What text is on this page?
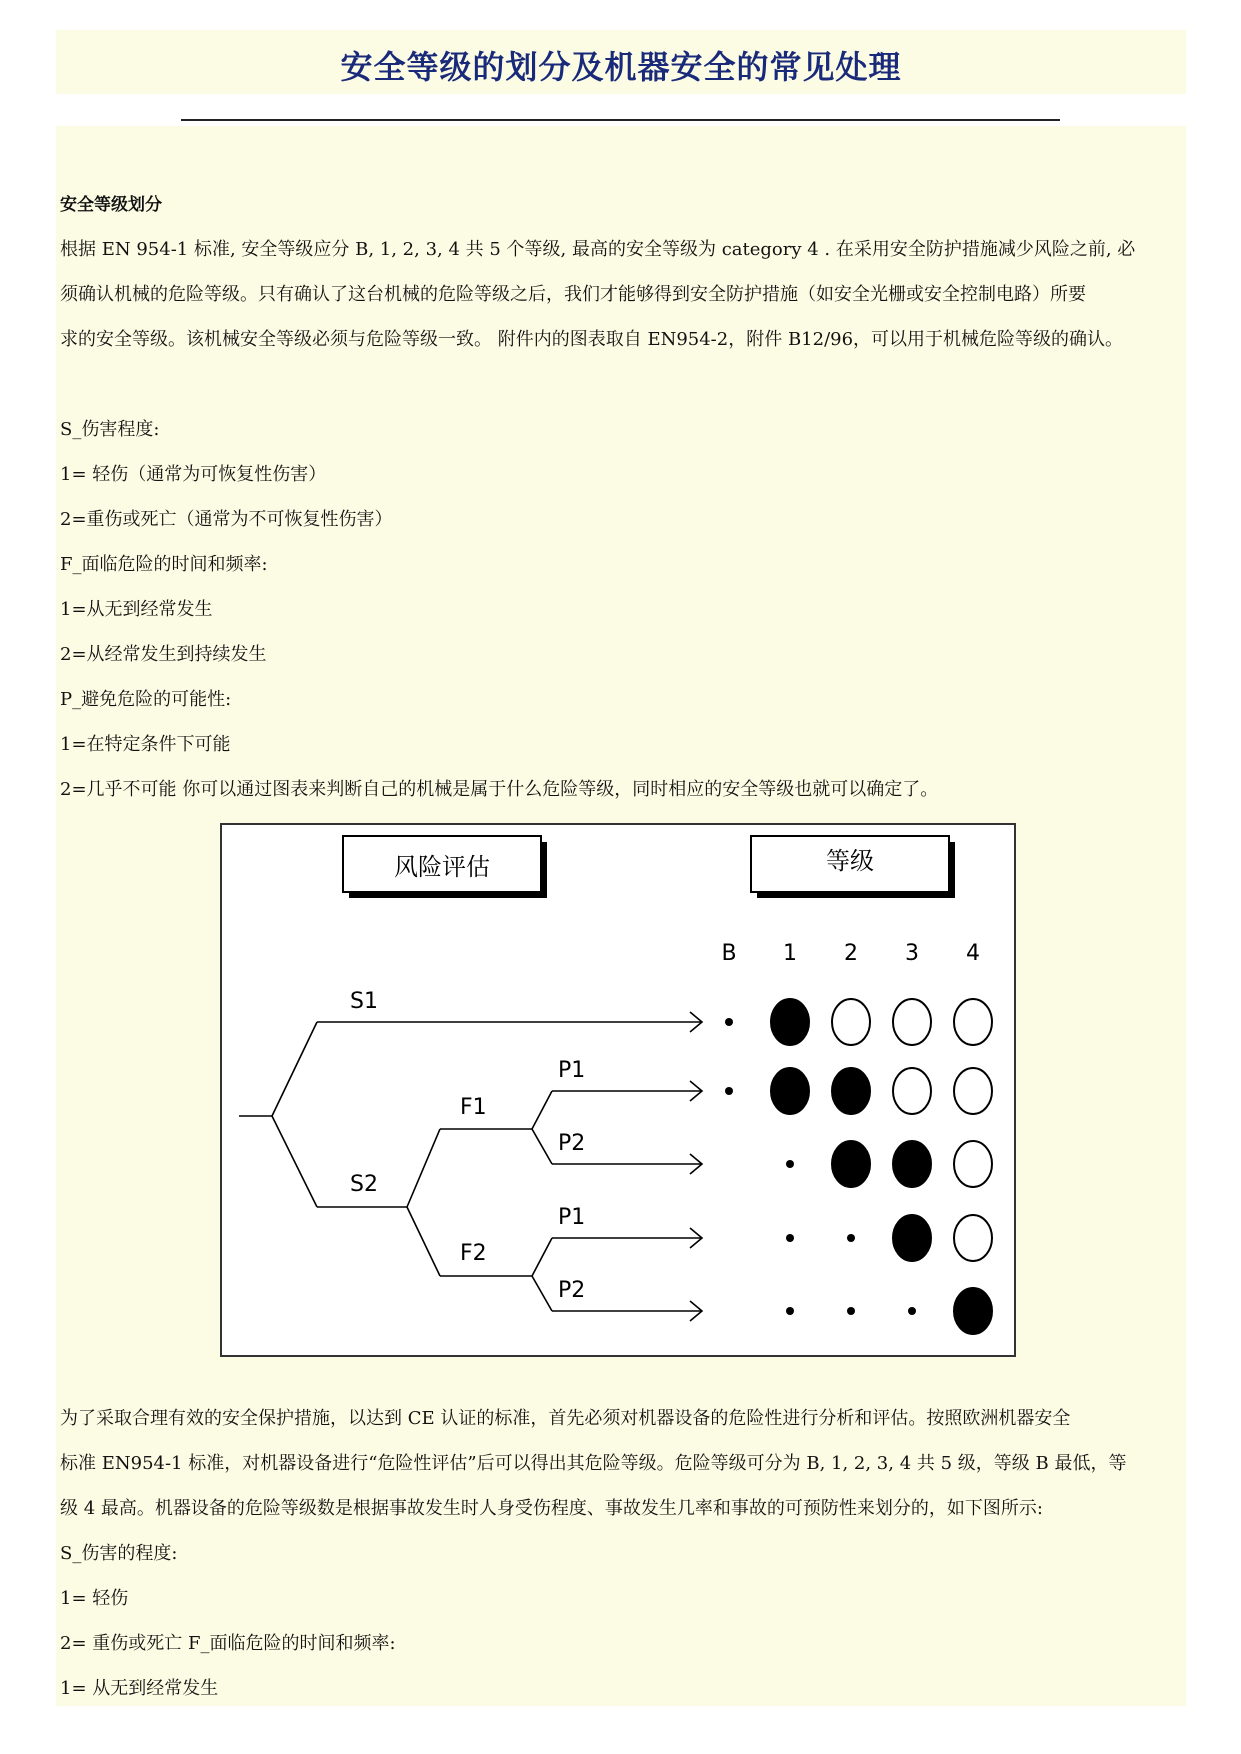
安全等级的划分及机器安全的常见处理

安全等级划分

根据 EN 954-1 标准, 安全等级应分 B, 1, 2, 3, 4 共 5 个等级, 最高的安全等级为 category 4 . 在采用安全防护措施减少风险之前, 必

须确认机械的危险等级。只有确认了这台机械的危险等级之后，我们才能够得到安全防护措施（如安全光栅或安全控制电路）所要

求的安全等级。该机械安全等级必须与危险等级一致。 附件内的图表取自 EN954-2，附件 B12/96，可以用于机械危险等级的确认。

S_伤害程度:

1= 轻伤（通常为可恢复性伤害）

2=重伤或死亡（通常为不可恢复性伤害）

F_面临危险的时间和频率:

1=从无到经常发生

2=从经常发生到持续发生

P_避免危险的可能性:

1=在特定条件下可能

2=几乎不可能 你可以通过图表来判断自己的机械是属于什么危险等级，同时相应的安全等级也就可以确定了。

风险评估	等级
S1
S2
F1
F2
P1
P2
P1
P2
B 1 2 3 4

为了采取合理有效的安全保护措施，以达到 CE 认证的标准，首先必须对机器设备的危险性进行分析和评估。按照欧洲机器安全

标准 EN954-1 标准，对机器设备进行“危险性评估”后可以得出其危险等级。危险等级可分为 B, 1, 2, 3, 4 共 5 级，等级 B 最低，等

级 4 最高。机器设备的危险等级数是根据事故发生时人身受伤程度、事故发生几率和事故的可预防性来划分的，如下图所示:

S_伤害的程度:

1= 轻伤

2= 重伤或死亡 F_面临危险的时间和频率:

1= 从无到经常发生
